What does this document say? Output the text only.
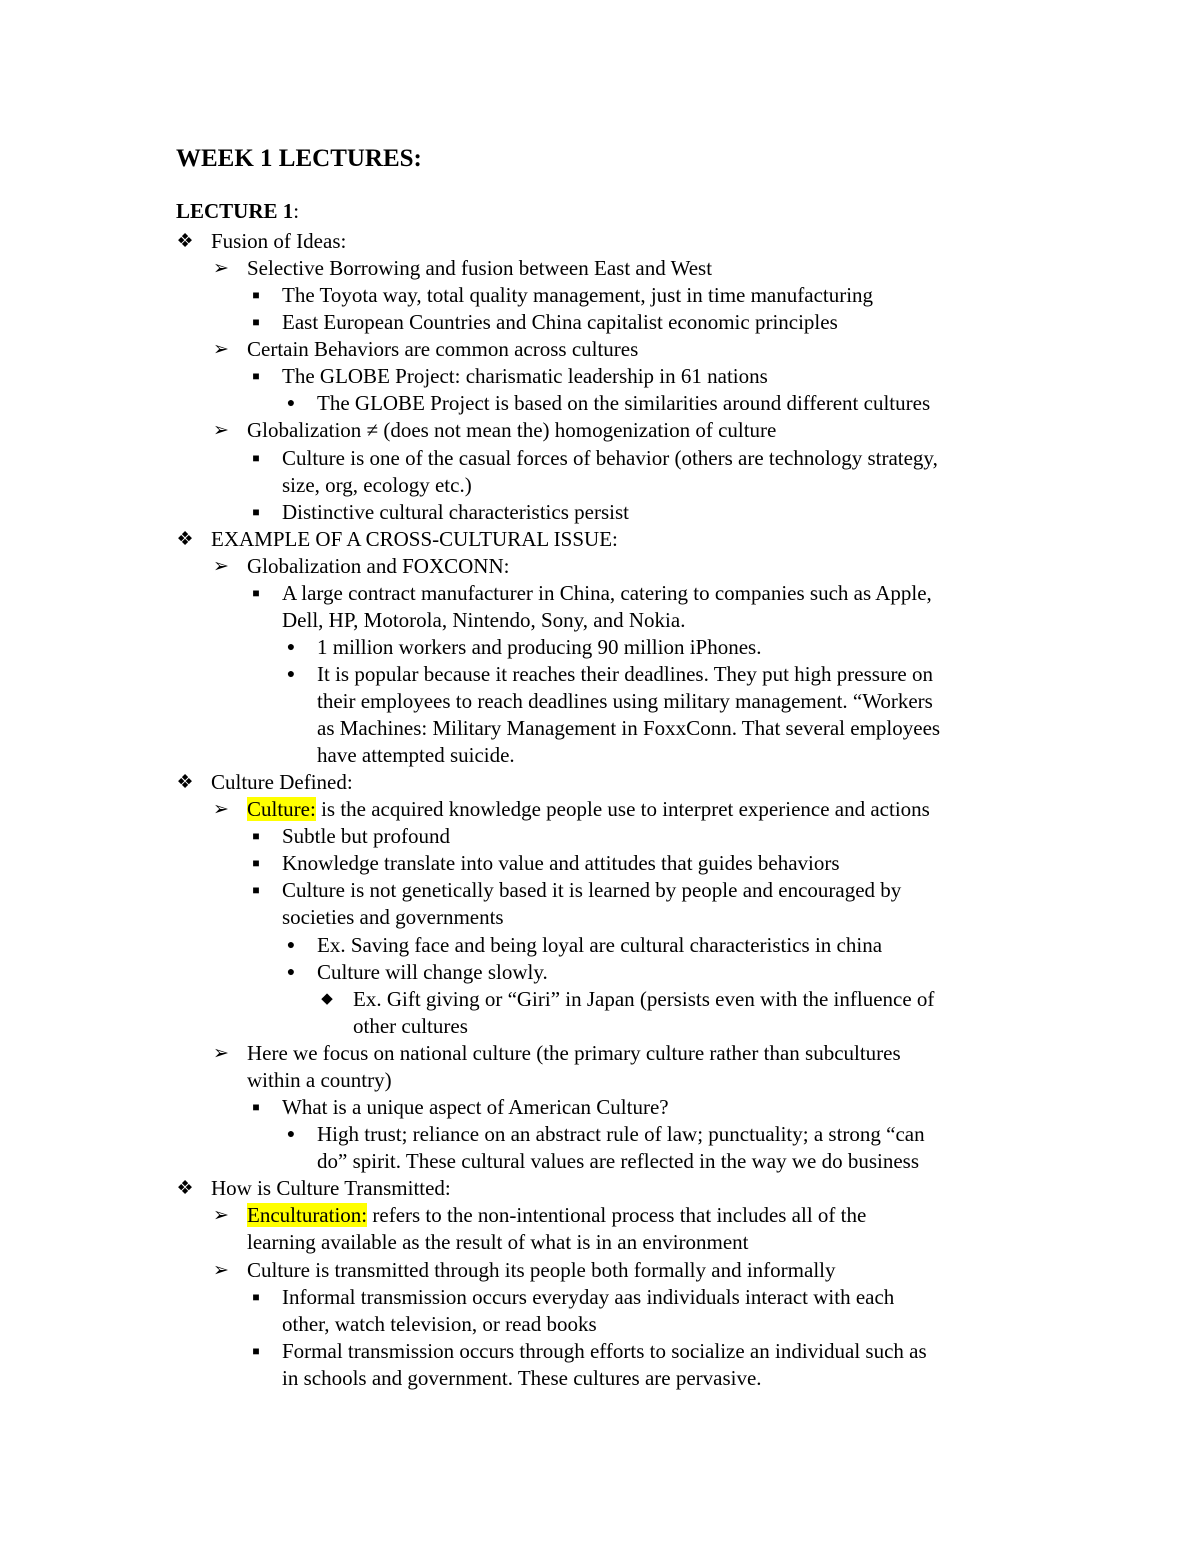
WEEK 1 LECTURES:
LECTURE 1:
❖ Fusion of Ideas:
➢ Selective Borrowing and fusion between East and West
■ The Toyota way, total quality management, just in time manufacturing
■ East European Countries and China capitalist economic principles
➢ Certain Behaviors are common across cultures
■ The GLOBE Project: charismatic leadership in 61 nations
● The GLOBE Project is based on the similarities around different cultures
➢ Globalization ≠ (does not mean the) homogenization of culture
■ Culture is one of the casual forces of behavior (others are technology strategy,
size, org, ecology etc.)
■ Distinctive cultural characteristics persist
❖ EXAMPLE OF A CROSS-CULTURAL ISSUE:
➢ Globalization and FOXCONN:
■ A large contract manufacturer in China, catering to companies such as Apple,
Dell, HP, Motorola, Nintendo, Sony, and Nokia.
● 1 million workers and producing 90 million iPhones.
● It is popular because it reaches their deadlines. They put high pressure on
their employees to reach deadlines using military management. “Workers
as Machines: Military Management in FoxxConn. That several employees
have attempted suicide.
❖ Culture Defined:
➢ Culture: is the acquired knowledge people use to interpret experience and actions
■ Subtle but profound
■ Knowledge translate into value and attitudes that guides behaviors
■ Culture is not genetically based it is learned by people and encouraged by
societies and governments
● Ex. Saving face and being loyal are cultural characteristics in china
● Culture will change slowly.
◆ Ex. Gift giving or “Giri” in Japan (persists even with the influence of
other cultures
➢ Here we focus on national culture (the primary culture rather than subcultures
within a country)
■ What is a unique aspect of American Culture?
● High trust; reliance on an abstract rule of law; punctuality; a strong “can
do” spirit. These cultural values are reflected in the way we do business
❖ How is Culture Transmitted:
➢ Enculturation: refers to the non-intentional process that includes all of the
learning available as the result of what is in an environment
➢ Culture is transmitted through its people both formally and informally
■ Informal transmission occurs everyday aas individuals interact with each
other, watch television, or read books
■ Formal transmission occurs through efforts to socialize an individual such as
in schools and government. These cultures are pervasive.
